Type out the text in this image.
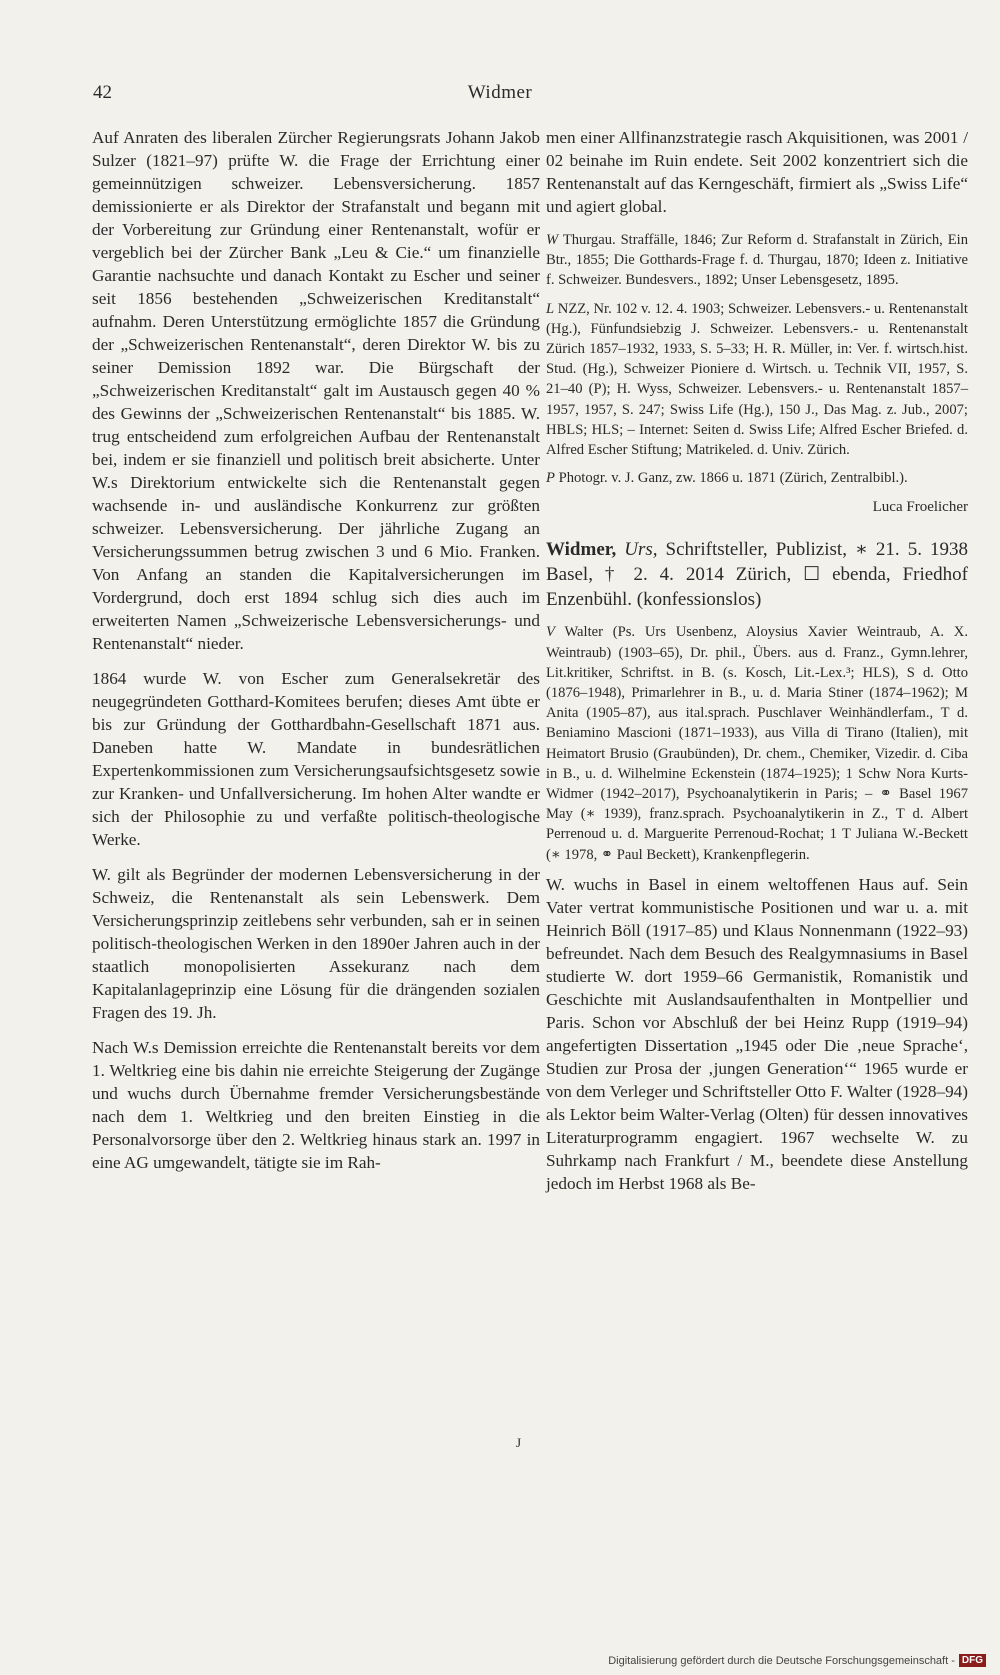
42	Widmer

Auf Anraten des liberalen Zürcher Regierungsrats Johann Jakob Sulzer (1821–97) prüfte W. die Frage der Errichtung einer gemeinnützigen schweizer. Lebensversicherung. 1857 demissionierte er als Direktor der Strafanstalt und begann mit der Vorbereitung zur Gründung einer Rentenanstalt, wofür er vergeblich bei der Zürcher Bank „Leu & Cie.“ um finanzielle Garantie nachsuchte und danach Kontakt zu Escher und seiner seit 1856 bestehenden „Schweizerischen Kreditanstalt“ aufnahm. Deren Unterstützung ermöglichte 1857 die Gründung der „Schweizerischen Rentenanstalt“, deren Direktor W. bis zu seiner Demission 1892 war. Die Bürgschaft der „Schweizerischen Kreditanstalt“ galt im Austausch gegen 40 % des Gewinns der „Schweizerischen Rentenanstalt“ bis 1885. W. trug entscheidend zum erfolgreichen Aufbau der Rentenanstalt bei, indem er sie finanziell und politisch breit absicherte. Unter W.s Direktorium entwickelte sich die Rentenanstalt gegen wachsende in- und ausländische Konkurrenz zur größten schweizer. Lebensversicherung. Der jährliche Zugang an Versicherungssummen betrug zwischen 3 und 6 Mio. Franken. Von Anfang an standen die Kapitalversicherungen im Vordergrund, doch erst 1894 schlug sich dies auch im erweiterten Namen „Schweizerische Lebensversicherungs- und Rentenanstalt“ nieder.

1864 wurde W. von Escher zum Generalsekretär des neugegründeten Gotthard-Komitees berufen; dieses Amt übte er bis zur Gründung der Gotthardbahn-Gesellschaft 1871 aus. Daneben hatte W. Mandate in bundesrätlichen Expertenkommissionen zum Versicherungsaufsichtsgesetz sowie zur Kranken- und Unfallversicherung. Im hohen Alter wandte er sich der Philosophie zu und verfaßte politisch-theologische Werke.

W. gilt als Begründer der modernen Lebensversicherung in der Schweiz, die Rentenanstalt als sein Lebenswerk. Dem Versicherungsprinzip zeitlebens sehr verbunden, sah er in seinen politisch-theologischen Werken in den 1890er Jahren auch in der staatlich monopolisierten Assekuranz nach dem Kapitalanlageprinzip eine Lösung für die drängenden sozialen Fragen des 19. Jh.

Nach W.s Demission erreichte die Rentenanstalt bereits vor dem 1. Weltkrieg eine bis dahin nie erreichte Steigerung der Zugänge und wuchs durch Übernahme fremder Versicherungsbestände nach dem 1. Weltkrieg und den breiten Einstieg in die Personalvorsorge über den 2. Weltkrieg hinaus stark an. 1997 in eine AG umgewandelt, tätigte sie im Rah-

J

men einer Allfinanzstrategie rasch Akquisitionen, was 2001 / 02 beinahe im Ruin endete. Seit 2002 konzentriert sich die Rentenanstalt auf das Kerngeschäft, firmiert als „Swiss Life“ und agiert global.

W Thurgau. Straffälle, 1846; Zur Reform d. Strafanstalt in Zürich, Ein Btr., 1855; Die Gotthards-Frage f. d. Thurgau, 1870; Ideen z. Initiative f. Schweizer. Bundesvers., 1892; Unser Lebensgesetz, 1895.

L NZZ, Nr. 102 v. 12. 4. 1903; Schweizer. Lebensvers.- u. Rentenanstalt (Hg.), Fünfundsiebzig J. Schweizer. Lebensvers.- u. Rentenanstalt Zürich 1857–1932, 1933, S. 5–33; H. R. Müller, in: Ver. f. wirtsch.hist. Stud. (Hg.), Schweizer Pioniere d. Wirtsch. u. Technik VII, 1957, S. 21–40 (P); H. Wyss, Schweizer. Lebensvers.- u. Rentenanstalt 1857–1957, 1957, S. 247; Swiss Life (Hg.), 150 J., Das Mag. z. Jub., 2007; HBLS; HLS; – Internet: Seiten d. Swiss Life; Alfred Escher Briefed. d. Alfred Escher Stiftung; Matrikeled. d. Univ. Zürich.

P Photogr. v. J. Ganz, zw. 1866 u. 1871 (Zürich, Zentralbibl.).

Luca Froelicher

Widmer, Urs, Schriftsteller, Publizist, ∗ 21. 5. 1938 Basel, † 2. 4. 2014 Zürich, ☐ ebenda, Friedhof Enzenbühl. (konfessionslos)

V Walter (Ps. Urs Usenbenz, Aloysius Xavier Weintraub, A. X. Weintraub) (1903–65), Dr. phil., Übers. aus d. Franz., Gymn.lehrer, Lit.kritiker, Schriftst. in B. (s. Kosch, Lit.-Lex.³; HLS), S d. Otto (1876–1948), Primarlehrer in B., u. d. Maria Stiner (1874–1962); M Anita (1905–87), aus ital.sprach. Puschlaver Weinhändlerfam., T d. Beniamino Mascioni (1871–1933), aus Villa di Tirano (Italien), mit Heimatort Brusio (Graubünden), Dr. chem., Chemiker, Vizedir. d. Ciba in B., u. d. Wilhelmine Eckenstein (1874–1925); 1 Schw Nora Kurts-Widmer (1942–2017), Psychoanalytikerin in Paris; – ⚭ Basel 1967 May (∗ 1939), franz.sprach. Psychoanalytikerin in Z., T d. Albert Perrenoud u. d. Marguerite Perrenoud-Rochat; 1 T Juliana W.-Beckett (∗ 1978, ⚭ Paul Beckett), Krankenpflegerin.

W. wuchs in Basel in einem weltoffenen Haus auf. Sein Vater vertrat kommunistische Positionen und war u. a. mit Heinrich Böll (1917–85) und Klaus Nonnenmann (1922–93) befreundet. Nach dem Besuch des Realgymnasiums in Basel studierte W. dort 1959–66 Germanistik, Romanistik und Geschichte mit Auslandsaufenthalten in Montpellier und Paris. Schon vor Abschluß der bei Heinz Rupp (1919–94) angefertigten Dissertation „1945 oder Die ‚neue Sprache‘, Studien zur Prosa der ‚jungen Generation‘“ 1965 wurde er von dem Verleger und Schriftsteller Otto F. Walter (1928–94) als Lektor beim Walter-Verlag (Olten) für dessen innovatives Literaturprogramm engagiert. 1967 wechselte W. zu Suhrkamp nach Frankfurt / M., beendete diese Anstellung jedoch im Herbst 1968 als Be-

Digitalisierung gefördert durch die Deutsche Forschungsgemeinschaft - DFG
